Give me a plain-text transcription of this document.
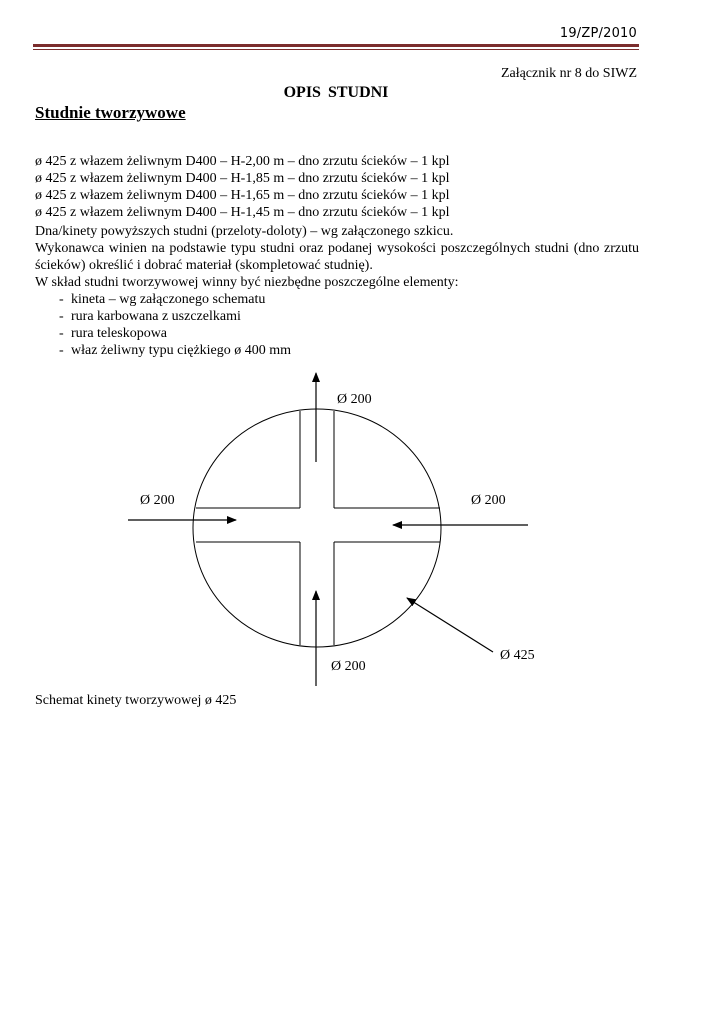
19/ZP/2010
Załącznik nr 8 do SIWZ
OPIS STUDNI
Studnie tworzywowe
ø 425 z włazem żeliwnym D400 – H-2,00 m – dno zrzutu ścieków – 1 kpl
ø 425 z włazem żeliwnym D400 – H-1,85 m – dno zrzutu ścieków – 1 kpl
ø 425 z włazem żeliwnym D400 – H-1,65 m – dno zrzutu ścieków – 1 kpl
ø 425 z włazem żeliwnym D400 – H-1,45 m – dno zrzutu ścieków – 1 kpl

Dna/kinety powyższych studni (przeloty-doloty) – wg załączonego szkicu.

Wykonawca winien na podstawie typu studni oraz podanej wysokości poszczególnych studni (dno zrzutu ścieków) określić i dobrać materiał (skompletować studnię).

W skład studni tworzywowej winny być niezbędne poszczególne elementy:

- kineta – wg załączonego schematu
- rura karbowana z uszczelkami
- rura teleskopowa
- właz żeliwny typu ciężkiego ø 400 mm
Ø 200
Ø 200	Ø 200
Ø 200
Ø 425
Schemat kinety tworzywowej ø 425
